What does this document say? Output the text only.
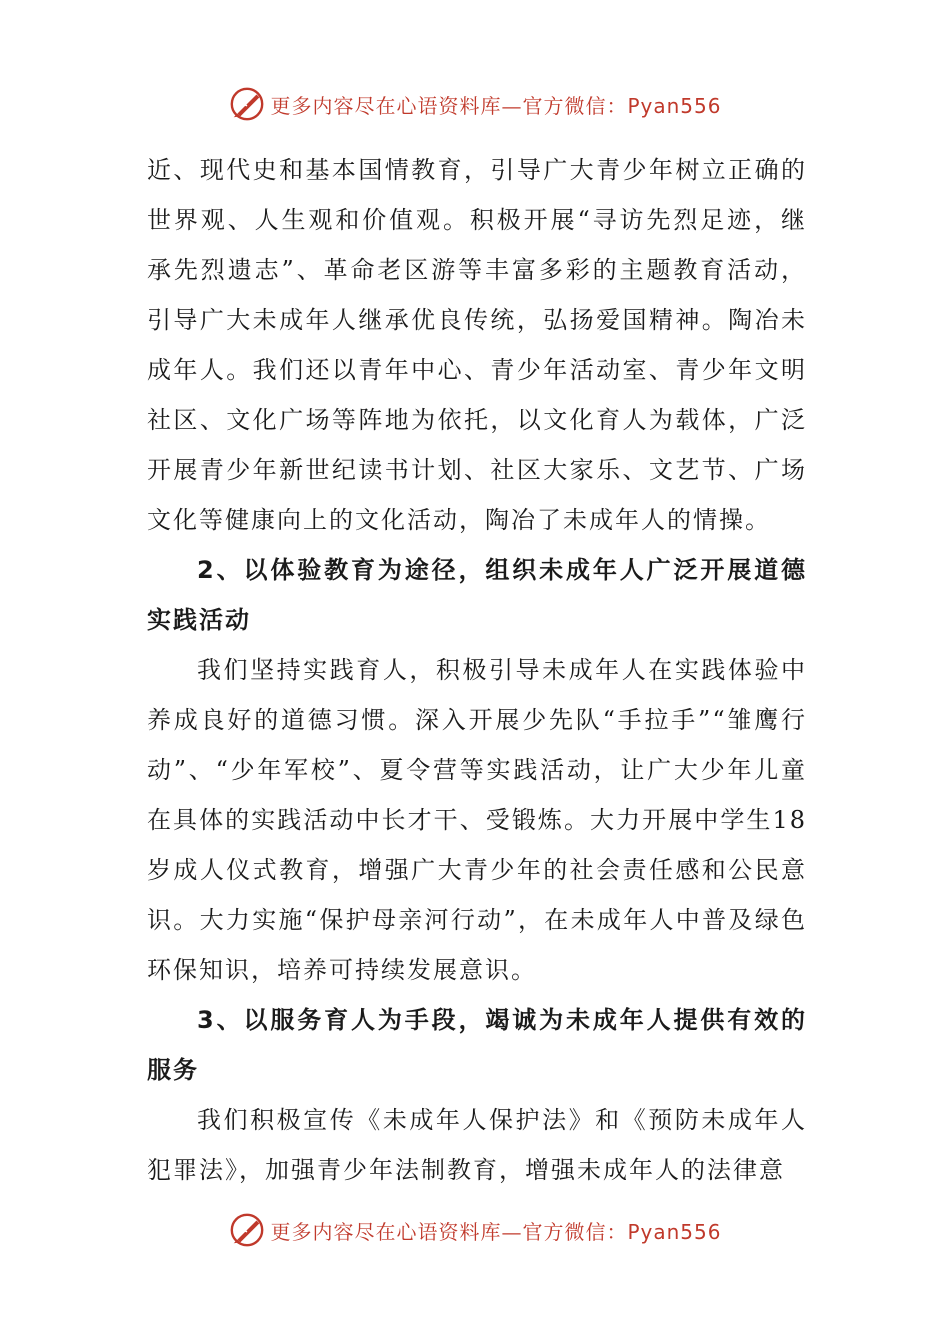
更多内容尽在心语资料库—官方微信：Pyan556

近、现代史和基本国情教育，引导广大青少年树立正确的世界观、人生观和价值观。积极开展“寻访先烈足迹，继承先烈遗志”、革命老区游等丰富多彩的主题教育活动，引导广大未成年人继承优良传统，弘扬爱国精神。陶冶未成年人。我们还以青年中心、青少年活动室、青少年文明社区、文化广场等阵地为依托，以文化育人为载体，广泛开展青少年新世纪读书计划、社区大家乐、文艺节、广场文化等健康向上的文化活动，陶冶了未成年人的情操。

2、以体验教育为途径，组织未成年人广泛开展道德实践活动

我们坚持实践育人，积极引导未成年人在实践体验中养成良好的道德习惯。深入开展少先队“手拉手”“雏鹰行动”、“少年军校”、夏令营等实践活动，让广大少年儿童在具体的实践活动中长才干、受锻炼。大力开展中学生18岁成人仪式教育，增强广大青少年的社会责任感和公民意识。大力实施“保护母亲河行动”，在未成年人中普及绿色环保知识，培养可持续发展意识。

3、以服务育人为手段，竭诚为未成年人提供有效的服务

我们积极宣传《未成年人保护法》和《预防未成年人犯罪法》，加强青少年法制教育，增强未成年人的法律意

更多内容尽在心语资料库—官方微信：Pyan556
